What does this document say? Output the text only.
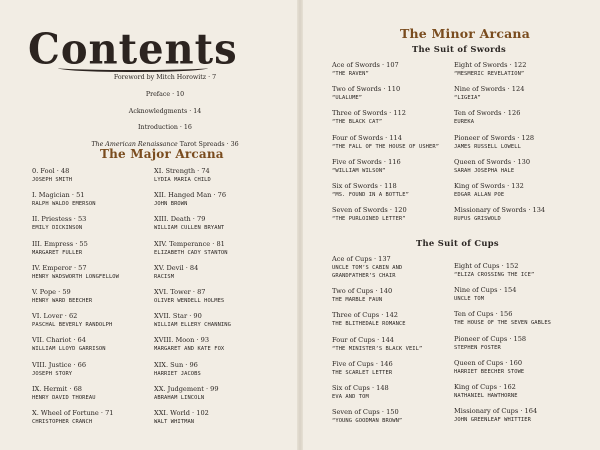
Contents
Foreword by Mitch Horowitz · 7
Preface · 10
Acknowledgments · 14
Introduction · 16
The American Renaissance Tarot Spreads · 36
The Major Arcana
0. Fool · 48
JOSEPH SMITH
I. Magician · 51
RALPH WALDO EMERSON
II. Priestess · 53
EMILY DICKINSON
III. Empress · 55
MARGARET FULLER
IV. Emperor · 57
HENRY WADSWORTH LONGFELLOW
V. Pope · 59
HENRY WARD BEECHER
VI. Lover · 62
PASCHAL BEVERLY RANDOLPH
VII. Chariot · 64
WILLIAM LLOYD GARRISON
VIII. Justice · 66
JOSEPH STORY
IX. Hermit · 68
HENRY DAVID THOREAU
X. Wheel of Fortune · 71
CHRISTOPHER CRANCH
XI. Strength · 74
LYDIA MARIA CHILD
XII. Hanged Man · 76
JOHN BROWN
XIII. Death · 79
WILLIAM CULLEN BRYANT
XIV. Temperance · 81
ELIZABETH CADY STANTON
XV. Devil · 84
RACISM
XVI. Tower · 87
OLIVER WENDELL HOLMES
XVII. Star · 90
WILLIAM ELLERY CHANNING
XVIII. Moon · 93
MARGARET AND KATE FOX
XIX. Sun · 96
HARRIET JACOBS
XX. Judgement · 99
ABRAHAM LINCOLN
XXI. World · 102
WALT WHITMAN
The Minor Arcana
The Suit of Swords
Ace of Swords · 107
“THE RAVEN”
Two of Swords · 110
“ULALUME”
Three of Swords · 112
“THE BLACK CAT”
Four of Swords · 114
“THE FALL OF THE HOUSE OF USHER”
Five of Swords · 116
“WILLIAM WILSON”
Six of Swords · 118
“MS. FOUND IN A BOTTLE”
Seven of Swords · 120
“THE PURLOINED LETTER”
Eight of Swords · 122
“MESMERIC REVELATION”
Nine of Swords · 124
“LIGEIA”
Ten of Swords · 126
EUREKA
Pioneer of Swords · 128
JAMES RUSSELL LOWELL
Queen of Swords · 130
SARAH JOSEPHA HALE
King of Swords · 132
EDGAR ALLAN POE
Missionary of Swords · 134
RUFUS GRISWOLD
The Suit of Cups
Ace of Cups · 137
UNCLE TOM’S CABIN AND
GRANDFATHER’S CHAIR
Two of Cups · 140
THE MARBLE FAUN
Three of Cups · 142
THE BLITHEDALE ROMANCE
Four of Cups · 144
“THE MINISTER’S BLACK VEIL”
Five of Cups · 146
THE SCARLET LETTER
Six of Cups · 148
EVA AND TOM
Seven of Cups · 150
“YOUNG GOODMAN BROWN”
Eight of Cups · 152
“ELIZA CROSSING THE ICE”
Nine of Cups · 154
UNCLE TOM
Ten of Cups · 156
THE HOUSE OF THE SEVEN GABLES
Pioneer of Cups · 158
STEPHEN FOSTER
Queen of Cups · 160
HARRIET BEECHER STOWE
King of Cups · 162
NATHANIEL HAWTHORNE
Missionary of Cups · 164
JOHN GREENLEAF WHITTIER
